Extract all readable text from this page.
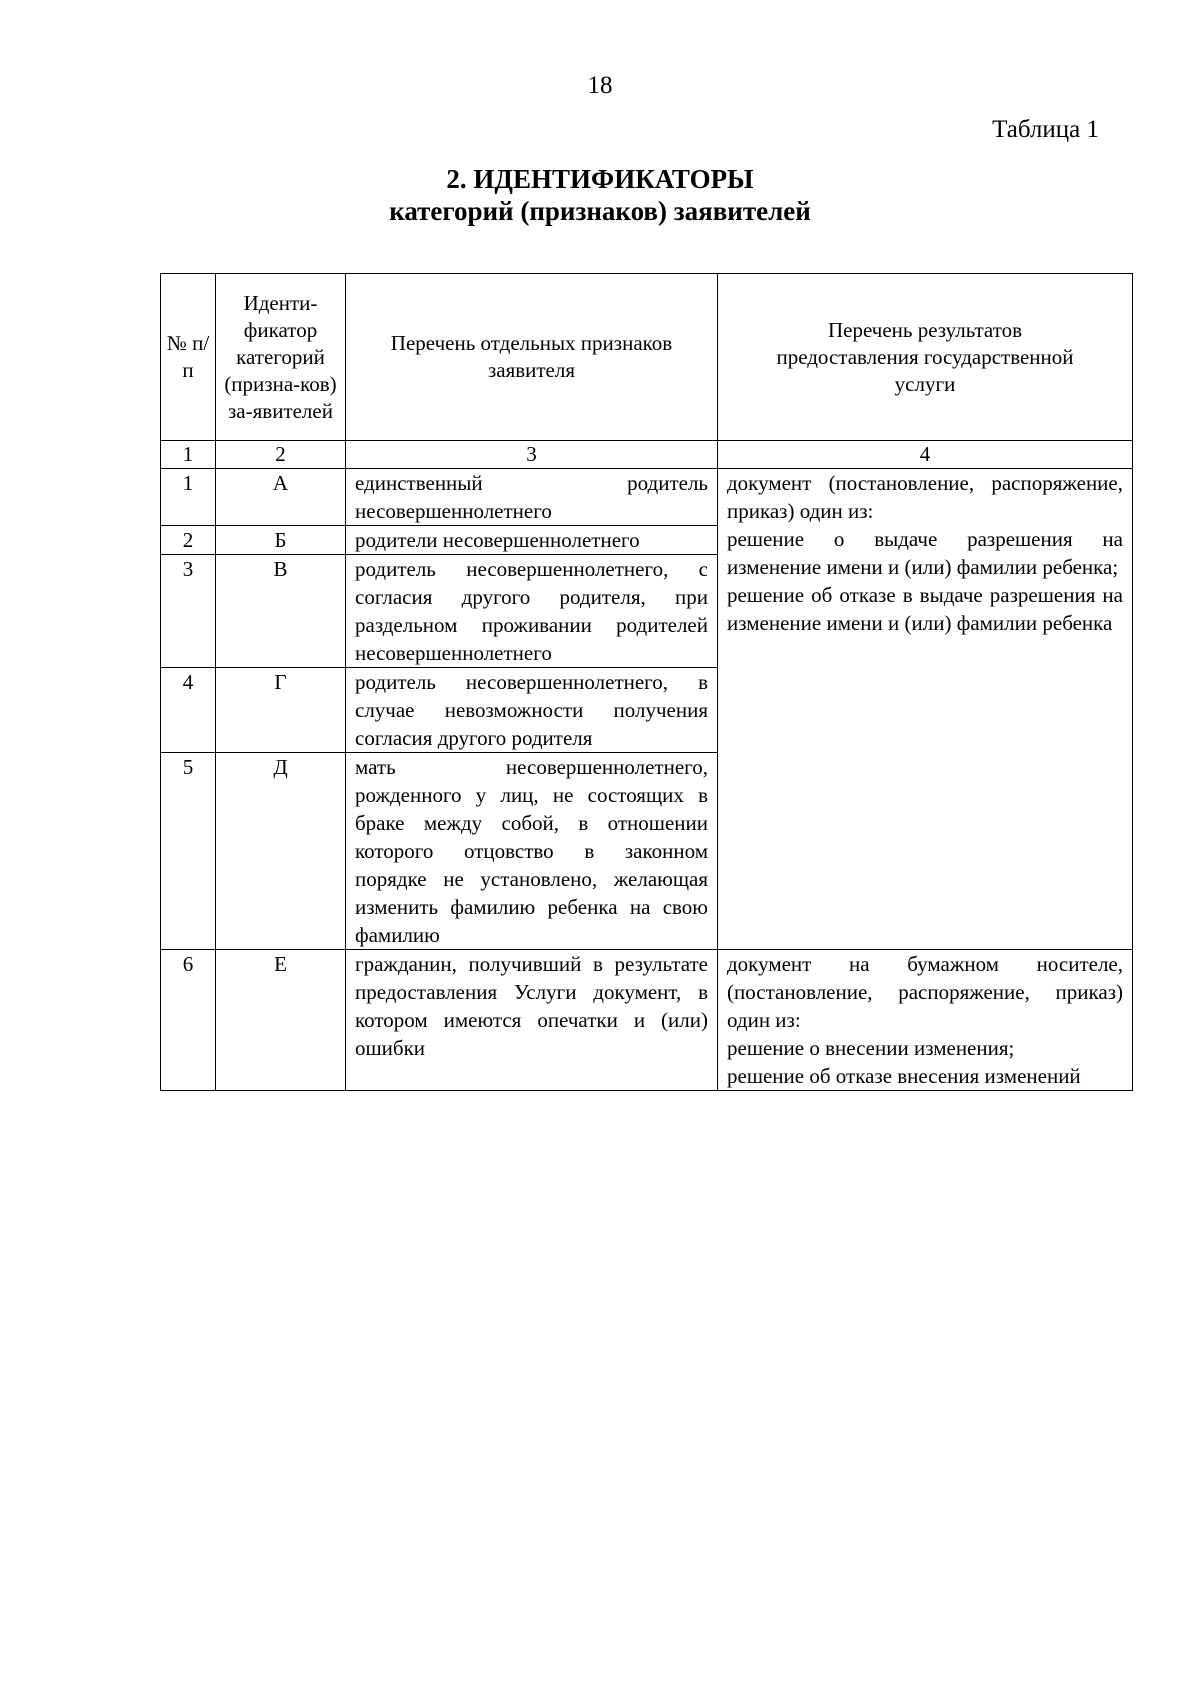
18
Таблица 1
2. ИДЕНТИФИКАТОРЫ
категорий (признаков) заявителей
№ п/п	Иденти-фикатор категорий (призна-ков) за-явителей	Перечень отдельных признаков заявителя	Перечень результатов предоставления государственной услуги
1	2	3	4
1	А	единственный родитель несовершеннолетнего	документ (постановление, распоряжение, приказ) один из:
решение о выдаче разрешения на изменение имени и (или) фамилии ребенка;
решение об отказе в выдаче разрешения на изменение имени и (или) фамилии ребенка

2	Б	родители несовершеннолетнего	
3	В	родитель несовершеннолетнего, с согласия другого родителя, при раздельном проживании родителей несовершеннолетнего	
4	Г	родитель несовершеннолетнего, в случае невозможности получения согласия другого родителя	
5	Д	мать несовершеннолетнего, рожденного у лиц, не состоящих в браке между собой, в отношении которого отцовство в законном порядке не установлено, желающая изменить фамилию ребенка на свою фамилию	
6	Е	гражданин, получивший в результате предоставления Услуги документ, в котором имеются опечатки и (или) ошибки	документ на бумажном носителе, (постановление, распоряжение, приказ) один из:
решение о внесении изменения;
решение об отказе внесения изменений
